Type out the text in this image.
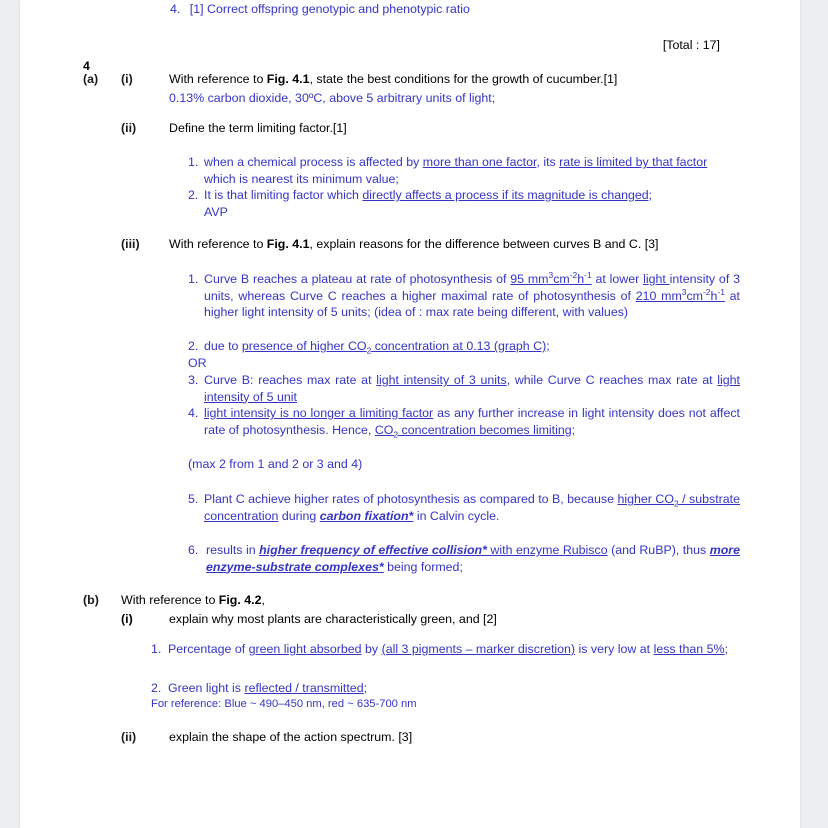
4. [1] Correct offspring genotypic and phenotypic ratio
[Total : 17]
4
(a)	(i)	With reference to Fig. 4.1, state the best conditions for the growth of cucumber.[1]
0.13% carbon dioxide, 30ºC, above 5 arbitrary units of light;
(ii)	Define the term limiting factor.[1]
1. when a chemical process is affected by more than one factor, its rate is limited by that factor which is nearest its minimum value;
2. It is that limiting factor which directly affects a process if its magnitude is changed;
AVP
(iii)	With reference to Fig. 4.1, explain reasons for the difference between curves B and C. [3]
1. Curve B reaches a plateau at rate of photosynthesis of 95 $mm^3cm^{-2}h^{-1}$ at lower light intensity of 3 units, whereas Curve C reaches a higher maximal rate of photosynthesis of 210 $mm^3cm^{-2}h^{-1}$ at higher light intensity of 5 units; (idea of : max rate being different, with values)
2. due to presence of higher $CO_2$ concentration at 0.13 (graph C);
OR
3. Curve B: reaches max rate at light intensity of 3 units, while Curve C reaches max rate at light intensity of 5 unit
4. light intensity is no longer a limiting factor as any further increase in light intensity does not affect rate of photosynthesis. Hence, $CO_2$ concentration becomes limiting;
(max 2 from 1 and 2 or 3 and 4)
5. Plant C achieve higher rates of photosynthesis as compared to B, because higher $CO_2$ / substrate concentration during carbon fixation* in Calvin cycle.
6. results in higher frequency of effective collision* with enzyme Rubisco (and RuBP), thus more enzyme-substrate complexes* being formed;
(b)	With reference to Fig. 4.2,
(i)	explain why most plants are characteristically green, and [2]
1. Percentage of green light absorbed by (all 3 pigments – marker discretion) is very low at less than 5%;
2. Green light is reflected / transmitted;
For reference: Blue ~ 490–450 nm, red ~ 635-700 nm
(ii)	explain the shape of the action spectrum. [3]
